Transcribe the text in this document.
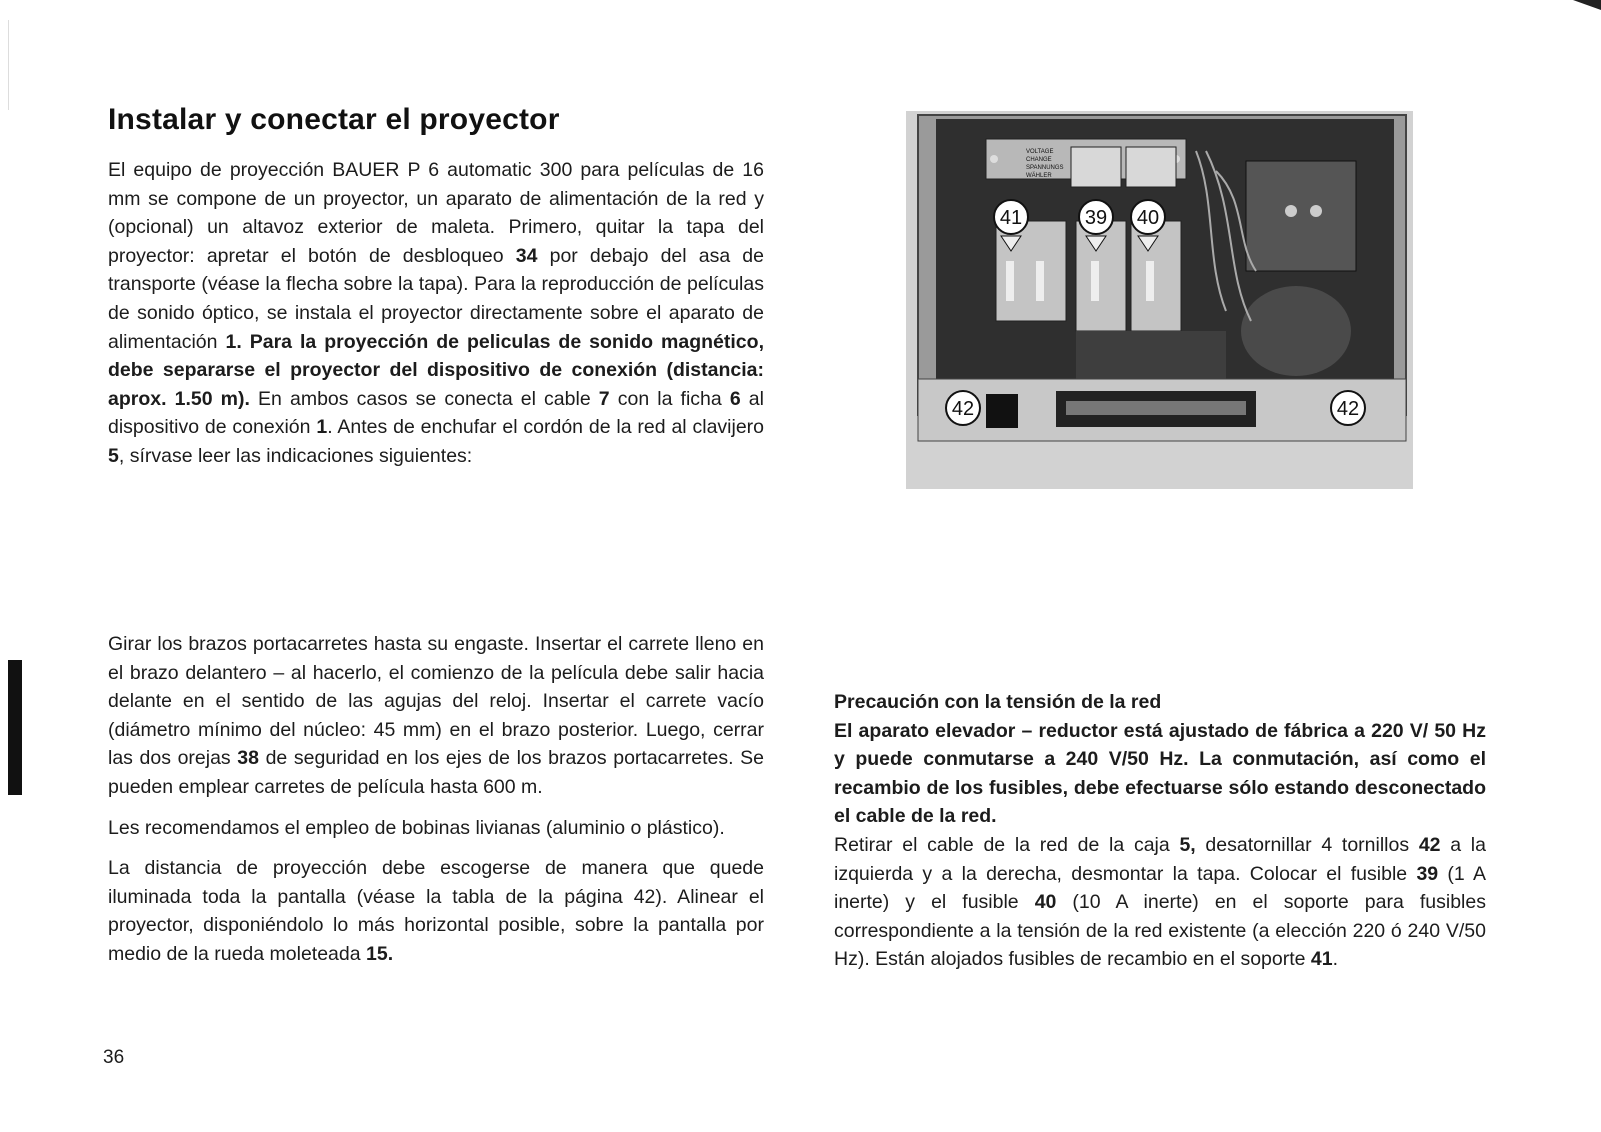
Instalar y conectar el proyector

El equipo de proyección BAUER P 6 automatic 300 para películas de 16 mm se compone de un proyector, un aparato de alimentación de la red y (opcional) un altavoz exterior de maleta. Primero, quitar la tapa del proyector: apretar el botón de desbloqueo 34 por debajo del asa de transporte (véase la flecha sobre la tapa). Para la reproducción de películas de sonido óptico, se instala el proyector directamente sobre el aparato de alimentación 1. Para la proyección de peliculas de sonido magnético, debe separarse el proyector del dispositivo de conexión (distancia: aprox. 1.50 m). En ambos casos se conecta el cable 7 con la ficha 6 al dispositivo de conexión 1. Antes de enchufar el cordón de la red al clavijero 5, sírvase leer las indicaciones siguientes:

Girar los brazos portacarretes hasta su engaste. Insertar el carrete lleno en el brazo delantero – al hacerlo, el comienzo de la película debe salir hacia delante en el sentido de las agujas del reloj. Insertar el carrete vacío (diámetro mínimo del núcleo: 45 mm) en el brazo posterior. Luego, cerrar las dos orejas 38 de seguridad en los ejes de los brazos portacarretes. Se pueden emplear carretes de película hasta 600 m.

Les recomendamos el empleo de bobinas livianas (aluminio o plástico).

La distancia de proyección debe escogerse de manera que quede iluminada toda la pantalla (véase la tabla de la página 42). Alinear el proyector, disponiéndolo lo más horizontal posible, sobre la pantalla por medio de la rueda moleteada 15.

Precaución con la tensión de la red

El aparato elevador – reductor está ajustado de fábrica a 220 V/ 50 Hz y puede conmutarse a 240 V/50 Hz. La conmutación, así como el recambio de los fusibles, debe efectuarse sólo estando desconectado el cable de la red.

Retirar el cable de la red de la caja 5, desatornillar 4 tornillos 42 a la izquierda y a la derecha, desmontar la tapa. Colocar el fusible 39 (1 A inerte) y el fusible 40 (10 A inerte) en el soporte para fusibles correspondiente a la tensión de la red existente (a elección 220 ó 240 V/50 Hz). Están alojados fusibles de recambio en el soporte 41.

VOLTAGE
CHANGE
SPANNUNGS
WÄHLER
41	39 40
42	42
36
